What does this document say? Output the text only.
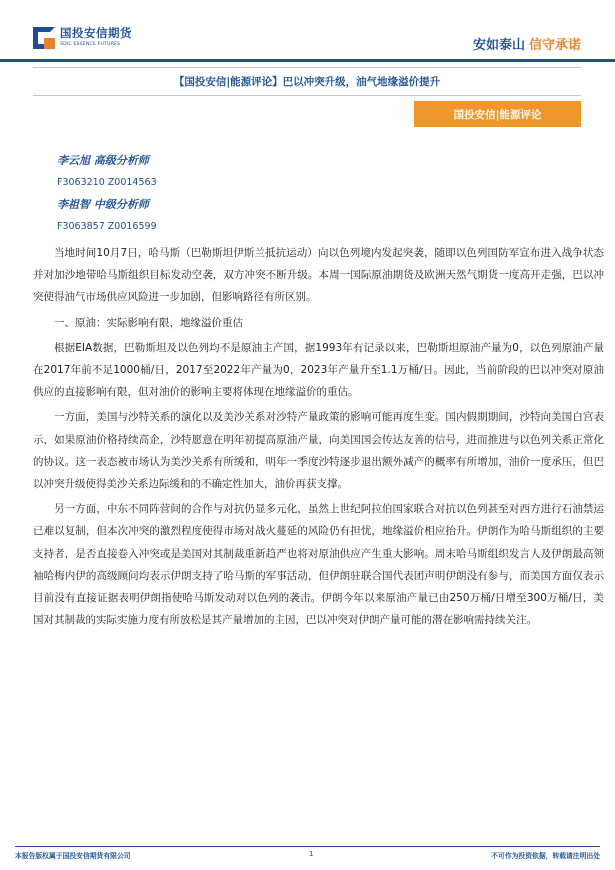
国投安信期货
SDIC ESSENCE FUTURES	安如泰山 信守承诺
【国投安信|能源评论】巴以冲突升级，油气地缘溢价提升
国投安信|能源评论
李云旭 高级分析师
F3063210 Z0014563
李祖智 中级分析师
F3063857 Z0016599

当地时间10月7日，哈马斯（巴勒斯坦伊斯兰抵抗运动）向以色列境内发起突袭，随即以色列国防军宣布进入战争状态并对加沙地带哈马斯组织目标发动空袭，双方冲突不断升级。本周一国际原油期货及欧洲天然气期货一度高开走强，巴以冲突使得油气市场供应风险进一步加剧，但影响路径有所区别。

一、原油：实际影响有限，地缘溢价重估

根据EIA数据，巴勒斯坦及以色列均不是原油主产国，据1993年有记录以来，巴勒斯坦原油产量为0，以色列原油产量在2017年前不足1000桶/日，2017至2022年产量为0，2023年产量升至1.1万桶/日。因此，当前阶段的巴以冲突对原油供应的直接影响有限，但对油价的影响主要将体现在地缘溢价的重估。

一方面，美国与沙特关系的演化以及美沙关系对沙特产量政策的影响可能再度生变。国内假期期间，沙特向美国白宫表示，如果原油价格持续高企，沙特愿意在明年初提高原油产量，向美国国会传达友善的信号，进而推进与以色列关系正常化的协议。这一表态被市场认为美沙关系有所缓和，明年一季度沙特逐步退出额外减产的概率有所增加，油价一度承压，但巴以冲突升级使得美沙关系边际缓和的不确定性加大，油价再获支撑。

另一方面，中东不同阵营间的合作与对抗仍显多元化，虽然上世纪阿拉伯国家联合对抗以色列甚至对西方进行石油禁运已难以复制，但本次冲突的激烈程度使得市场对战火蔓延的风险仍有担忧，地缘溢价相应抬升。伊朗作为哈马斯组织的主要支持者，是否直接卷入冲突或是美国对其制裁重新趋严也将对原油供应产生重大影响。周末哈马斯组织发言人及伊朗最高领袖哈梅内伊的高级顾问均表示伊朗支持了哈马斯的军事活动，但伊朗驻联合国代表团声明伊朗没有参与，而美国方面仅表示目前没有直接证据表明伊朗指使哈马斯发动对以色列的袭击。伊朗今年以来原油产量已由250万桶/日增至300万桶/日，美国对其制裁的实际实施力度有所放松是其产量增加的主因，巴以冲突对伊朗产量可能的潜在影响需持续关注。

本报告版权属于国投安信期货有限公司	1	不可作为投资依据，转载请注明出处
